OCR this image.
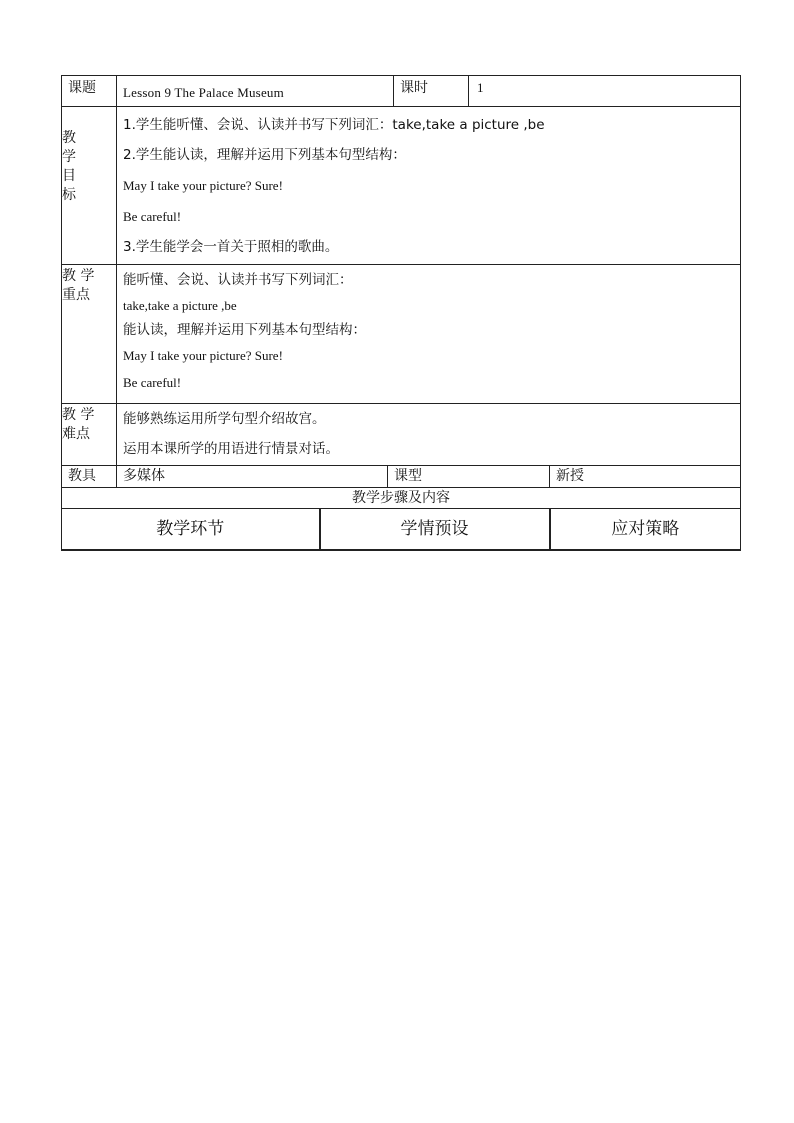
课题	Lesson 9 The Palace Museum			课时	1	

教
学
目
标	1.学生能听懂、会说、认读并书写下列词汇：take,take a picture ,be
2.学生能认读，理解并运用下列基本句型结构：
May I take your picture? Sure!
Be careful!
3.学生能学会一首关于照相的歌曲。					

教 学
重点	能听懂、会说、认读并书写下列词汇：
take,take a picture ,be
能认读，理解并运用下列基本句型结构：
May I take your picture? Sure!
Be careful!					

教 学
难点	能够熟练运用所学句型介绍故宫。
运用本课所学的用语进行情景对话。					

教具	多媒体		课型			新授
教学步骤及内容						
教学环节		学情预设				应对策略
